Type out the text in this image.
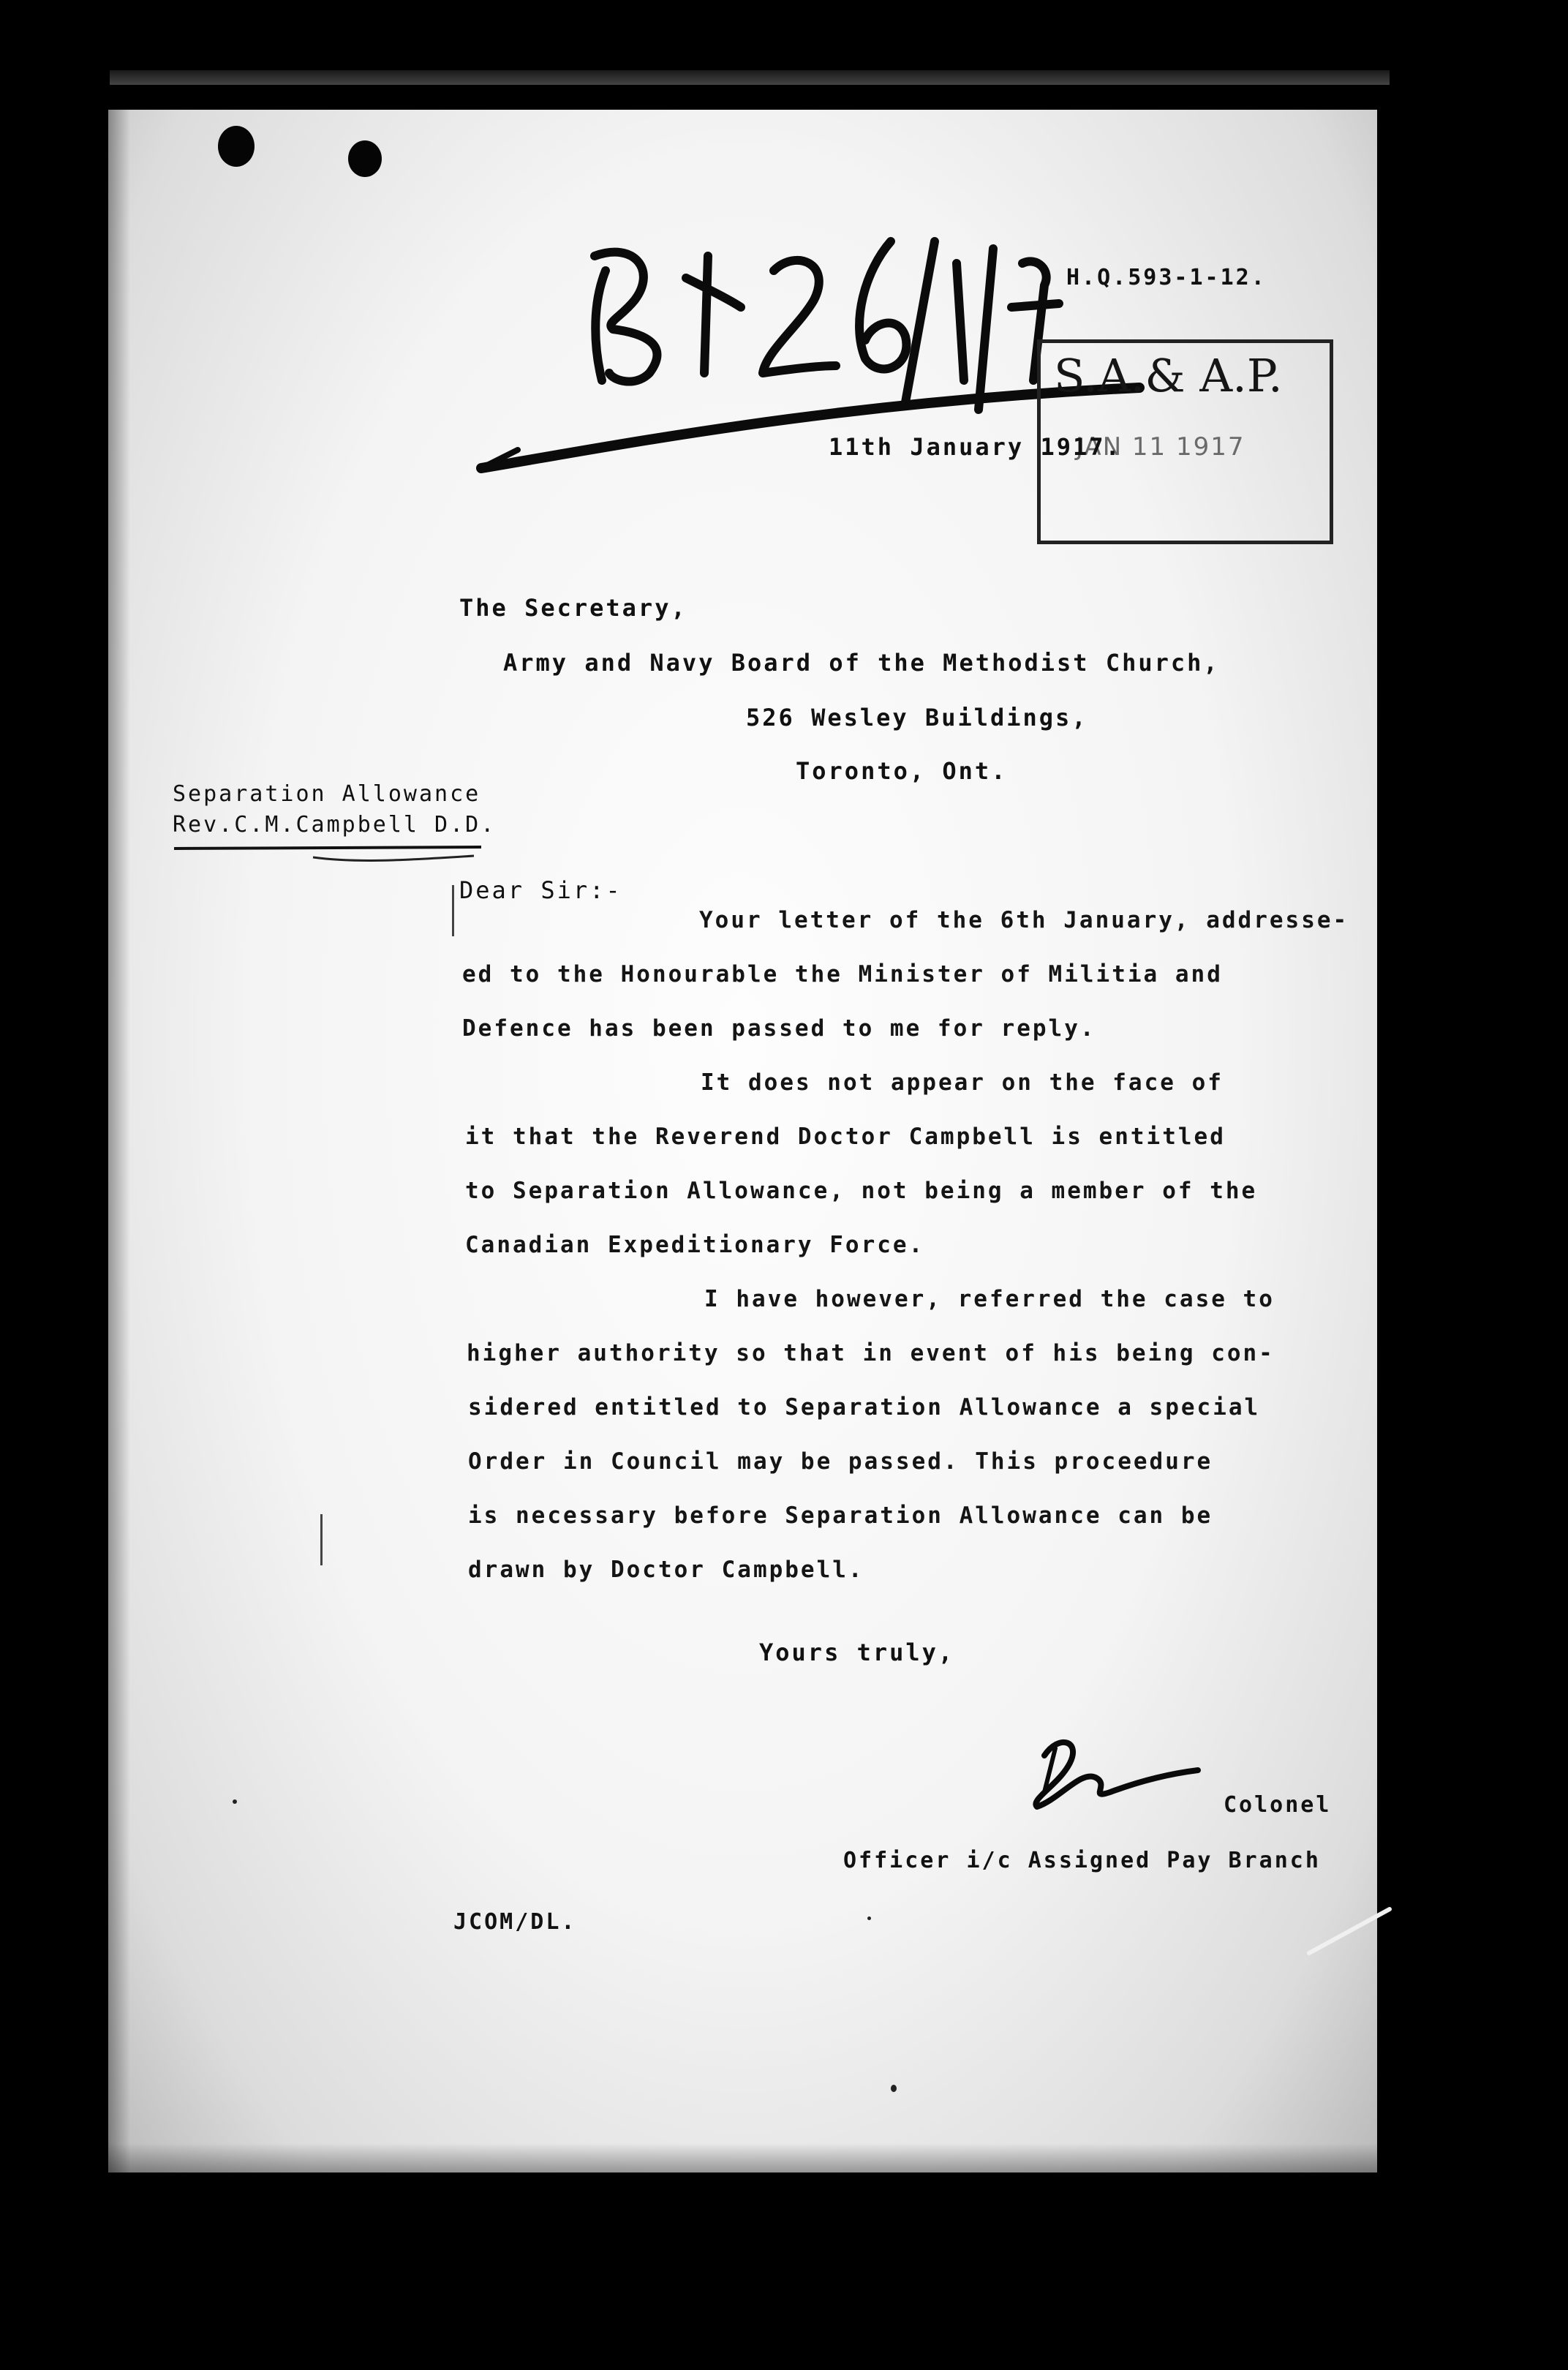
H.Q.593-1-12.
S.A.& A.P.
JAN 11 1917
11th January 1917.
The Secretary,
Army and Navy Board of the Methodist Church,
526 Wesley Buildings,
Toronto, Ont.
Separation Allowance
Rev.C.M.Campbell D.D.
Dear Sir:-
Your letter of the 6th January, addresse-
ed to the Honourable the Minister of Militia and
Defence has been passed to me for reply.
It does not appear on the face of
it that the Reverend Doctor Campbell is entitled
to Separation Allowance, not being a member of the
Canadian Expeditionary Force.
I have however, referred the case to
higher authority so that in event of his being con-
sidered entitled to Separation Allowance a special
Order in Council may be passed. This proceedure
is necessary before Separation Allowance can be
drawn by Doctor Campbell.
Yours truly,
Colonel
Officer i/c Assigned Pay Branch
JCOM/DL.
